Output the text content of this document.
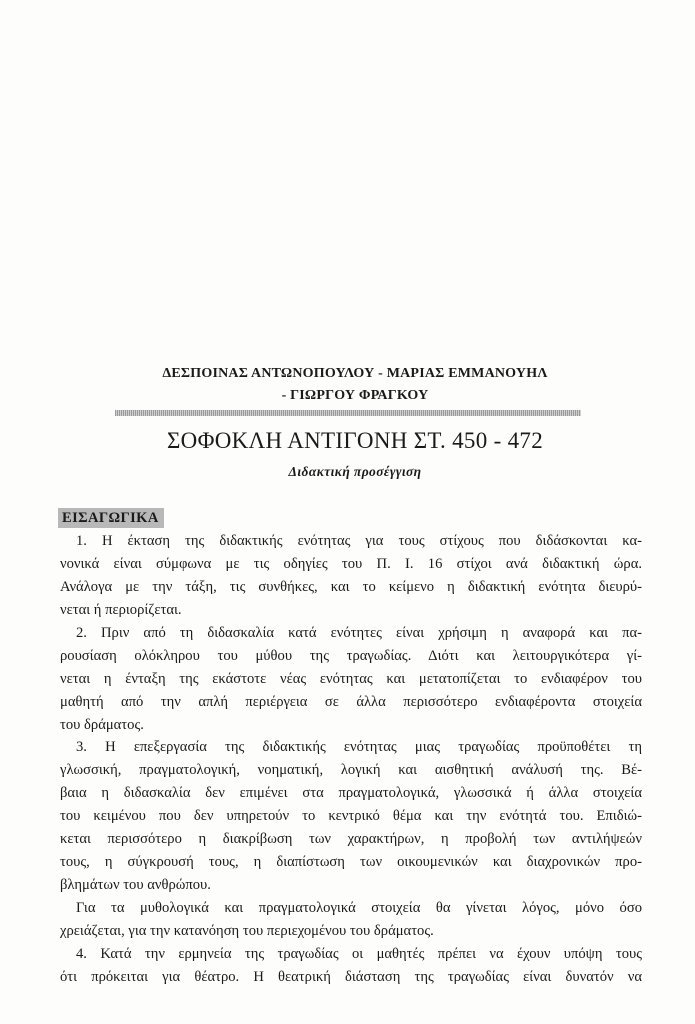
ΔΕΣΠΟΙΝΑΣ ΑΝΤΩΝΟΠΟΥΛΟΥ - ΜΑΡΙΑΣ ΕΜΜΑΝΟΥΗΛ
- ΓΙΩΡΓΟΥ ΦΡΑΓΚΟΥ
ΣΟΦΟΚΛΗ ΑΝΤΙΓΟΝΗ ΣΤ. 450 - 472
Διδακτική προσέγγιση
ΕΙΣΑΓΩΓΙΚΑ
1. Η έκταση της διδακτικής ενότητας για τους στίχους που διδάσκονται κα-
νονικά είναι σύμφωνα με τις οδηγίες του Π. Ι. 16 στίχοι ανά διδακτική ώρα.
Ανάλογα με την τάξη, τις συνθήκες, και το κείμενο η διδακτική ενότητα διευρύ-
νεται ή περιορίζεται.
2. Πριν από τη διδασκαλία κατά ενότητες είναι χρήσιμη η αναφορά και πα-
ρουσίαση ολόκληρου του μύθου της τραγωδίας. Διότι και λειτουργικότερα γί-
νεται η ένταξη της εκάστοτε νέας ενότητας και μετατοπίζεται το ενδιαφέρον του
μαθητή από την απλή περιέργεια σε άλλα περισσότερο ενδιαφέροντα στοιχεία
του δράματος.
3. Η επεξεργασία της διδακτικής ενότητας μιας τραγωδίας προϋποθέτει τη
γλωσσική, πραγματολογική, νοηματική, λογική και αισθητική ανάλυσή της. Βέ-
βαια η διδασκαλία δεν επιμένει στα πραγματολογικά, γλωσσικά ή άλλα στοιχεία
του κειμένου που δεν υπηρετούν το κεντρικό θέμα και την ενότητά του. Επιδιώ-
κεται περισσότερο η διακρίβωση των χαρακτήρων, η προβολή των αντιλήψεών
τους, η σύγκρουσή τους, η διαπίστωση των οικουμενικών και διαχρονικών προ-
βλημάτων του ανθρώπου.
Για τα μυθολογικά και πραγματολογικά στοιχεία θα γίνεται λόγος, μόνο όσο
χρειάζεται, για την κατανόηση του περιεχομένου του δράματος.
4. Κατά την ερμηνεία της τραγωδίας οι μαθητές πρέπει να έχουν υπόψη τους
ότι πρόκειται για θέατρο. Η θεατρική διάσταση της τραγωδίας είναι δυνατόν να
